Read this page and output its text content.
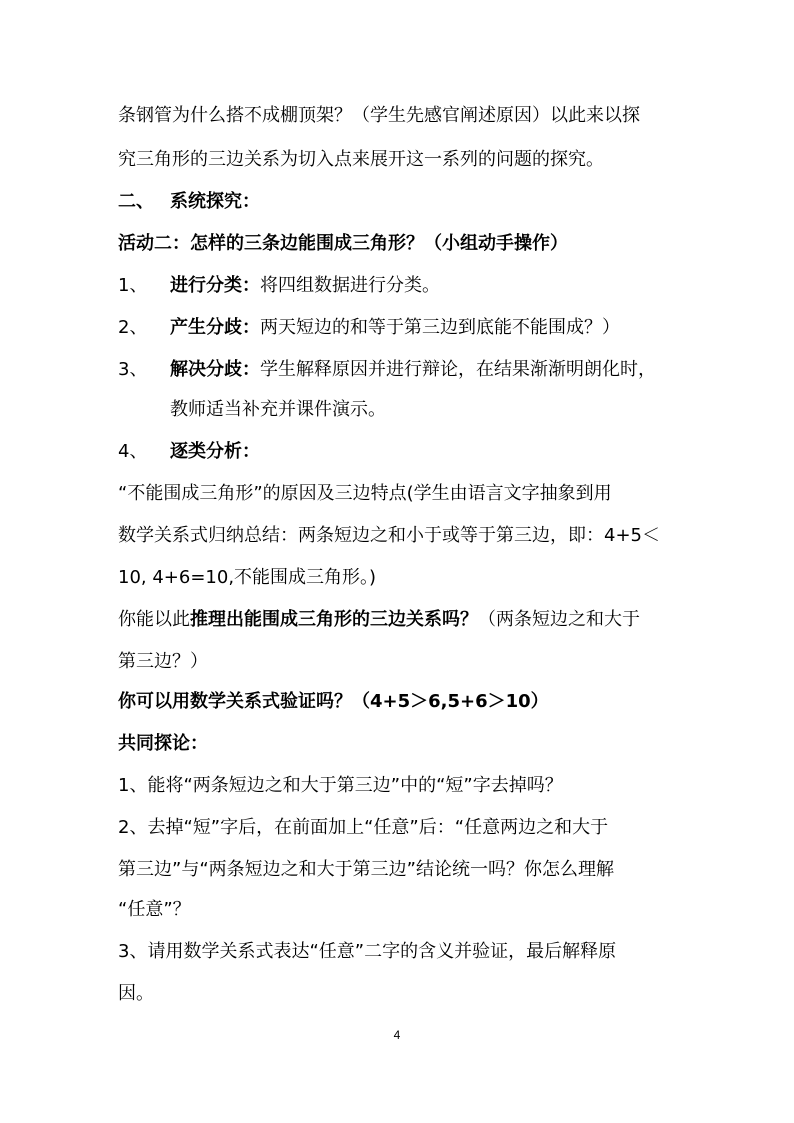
条钢管为什么搭不成棚顶架？（学生先感官阐述原因）以此来以探
究三角形的三边关系为切入点来展开这一系列的问题的探究。
二、 系统探究：
活动二：怎样的三条边能围成三角形？（小组动手操作）
1、 进行分类：将四组数据进行分类。
2、 产生分歧：两天短边的和等于第三边到底能不能围成？）
3、 解决分歧：学生解释原因并进行辩论，在结果渐渐明朗化时，
教师适当补充并课件演示。
4、 逐类分析：
“不能围成三角形”的原因及三边特点(学生由语言文字抽象到用
数学关系式归纳总结：两条短边之和小于或等于第三边，即：4+5＜
10, 4+6=10,不能围成三角形。)
你能以此推理出能围成三角形的三边关系吗？（两条短边之和大于
第三边？）
你可以用数学关系式验证吗？（4+5＞6,5+6＞10）
共同探论：
1、能将“两条短边之和大于第三边”中的“短”字去掉吗？
2、去掉“短”字后，在前面加上“任意”后：“任意两边之和大于
第三边”与“两条短边之和大于第三边”结论统一吗？你怎么理解
“任意”？
3、请用数学关系式表达“任意”二字的含义并验证，最后解释原
因。
4
